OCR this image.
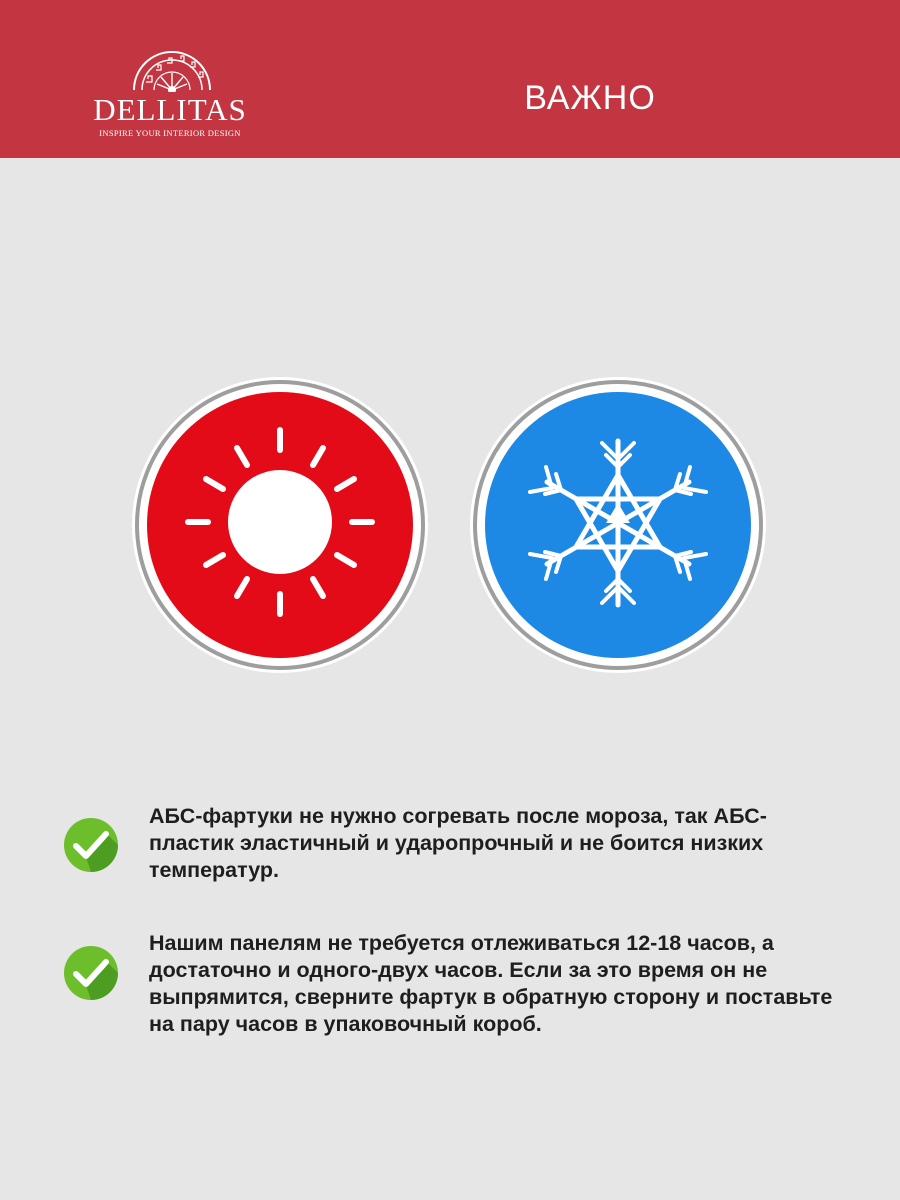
DELLITAS
INSPIRE YOUR INTERIOR DESIGN
ВАЖНО
АБС-фартуки не нужно согревать после мороза, так АБС-пластик эластичный и ударопрочный и не боится низких температур.
Нашим панелям не требуется отлеживаться 12-18 часов, а достаточно и одного-двух часов. Если за это время он не выпрямится, сверните фартук в обратную сторону и поставьте на пару часов в упаковочный короб.
